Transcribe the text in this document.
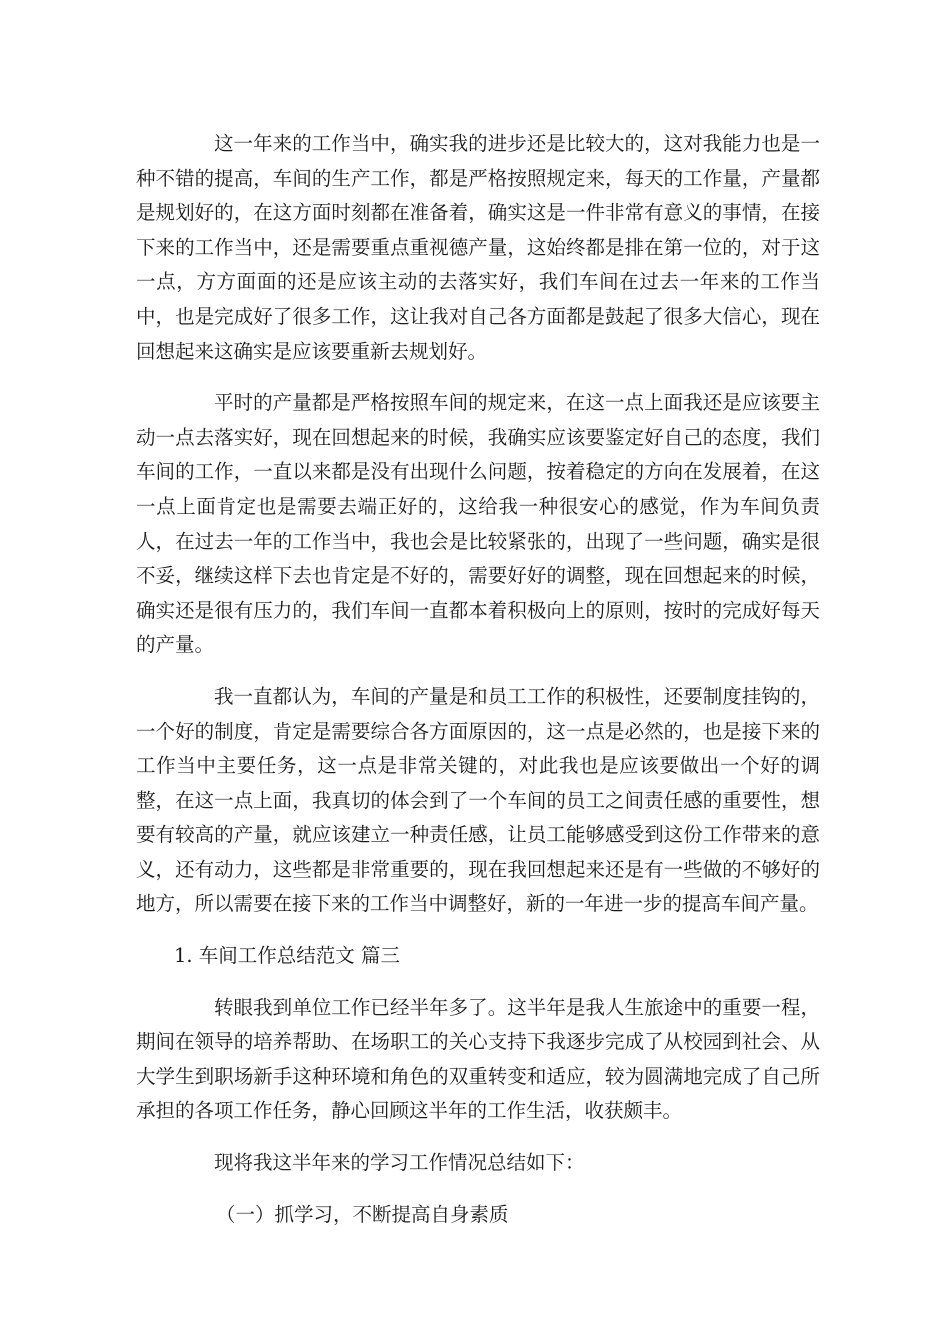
这一年来的工作当中，确实我的进步还是比较大的，这对我能力也是一种不错的提高，车间的生产工作，都是严格按照规定来，每天的工作量，产量都是规划好的，在这方面时刻都在准备着，确实这是一件非常有意义的事情，在接下来的工作当中，还是需要重点重视德产量，这始终都是排在第一位的，对于这一点，方方面面的还是应该主动的去落实好，我们车间在过去一年来的工作当中，也是完成好了很多工作，这让我对自己各方面都是鼓起了很多大信心，现在回想起来这确实是应该要重新去规划好。

平时的产量都是严格按照车间的规定来，在这一点上面我还是应该要主动一点去落实好，现在回想起来的时候，我确实应该要鉴定好自己的态度，我们车间的工作，一直以来都是没有出现什么问题，按着稳定的方向在发展着，在这一点上面肯定也是需要去端正好的，这给我一种很安心的感觉，作为车间负责人，在过去一年的工作当中，我也会是比较紧张的，出现了一些问题，确实是很不妥，继续这样下去也肯定是不好的，需要好好的调整，现在回想起来的时候，确实还是很有压力的，我们车间一直都本着积极向上的原则，按时的完成好每天的产量。

我一直都认为，车间的产量是和员工工作的积极性，还要制度挂钩的，一个好的制度，肯定是需要综合各方面原因的，这一点是必然的，也是接下来的工作当中主要任务，这一点是非常关键的，对此我也是应该要做出一个好的调整，在这一点上面，我真切的体会到了一个车间的员工之间责任感的重要性，想要有较高的产量，就应该建立一种责任感，让员工能够感受到这份工作带来的意义，还有动力，这些都是非常重要的，现在我回想起来还是有一些做的不够好的地方，所以需要在接下来的工作当中调整好，新的一年进一步的提高车间产量。

1. 车间工作总结范文 篇三

转眼我到单位工作已经半年多了。这半年是我人生旅途中的重要一程，期间在领导的培养帮助、在场职工的关心支持下我逐步完成了从校园到社会、从大学生到职场新手这种环境和角色的双重转变和适应，较为圆满地完成了自己所承担的各项工作任务，静心回顾这半年的工作生活，收获颇丰。

现将我这半年来的学习工作情况总结如下：

（一）抓学习，不断提高自身素质
